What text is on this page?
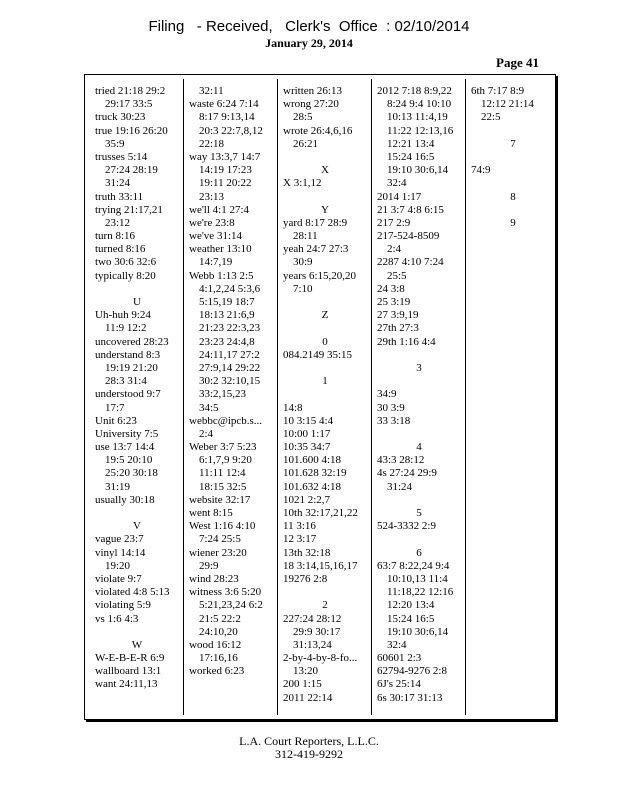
Filing   - Received,   Clerk's  Office  : 02/10/2014
January 29, 2014
Page 41
tried 21:18 29:2
29:17 33:5
truck 30:23
true 19:16 26:20
35:9
trusses 5:14
27:24 28:19
31:24
truth 33:11
trying 21:17,21
23:12
turn 8:16
turned 8:16
two 30:6 32:6
typically 8:20
U
Uh-huh 9:24
11:9 12:2
uncovered 28:23
understand 8:3
19:19 21:20
28:3 31:4
understood 9:7
17:7
Unit 6:23
University 7:5
use 13:7 14:4
19:5 20:10
25:20 30:18
31:19
usually 30:18
V
vague 23:7
vinyl 14:14
19:20
violate 9:7
violated 4:8 5:13
violating 5:9
vs 1:6 4:3
W
W-E-B-E-R 6:9
wallboard 13:1
want 24:11,13
32:11
waste 6:24 7:14
8:17 9:13,14
20:3 22:7,8,12
22:18
way 13:3,7 14:7
14:19 17:23
19:11 20:22
23:13
we'll 4:1 27:4
we're 23:8
we've 31:14
weather 13:10
14:7,19
Webb 1:13 2:5
4:1,2,24 5:3,6
5:15,19 18:7
18:13 21:6,9
21:23 22:3,23
23:23 24:4,8
24:11,17 27:2
27:9,14 29:22
30:2 32:10,15
33:2,15,23
34:5
webbc@ipcb.s...
2:4
Weber 3:7 5:23
6:1,7,9 9:20
11:11 12:4
18:15 32:5
website 32:17
went 8:15
West 1:16 4:10
7:24 25:5
wiener 23:20
29:9
wind 28:23
witness 3:6 5:20
5:21,23,24 6:2
21:5 22:2
24:10,20
wood 16:12
17:16,16
worked 6:23
written 26:13
wrong 27:20
28:5
wrote 26:4,6,16
26:21
X
X 3:1,12
Y
yard 8:17 28:9
28:11
yeah 24:7 27:3
30:9
years 6:15,20,20
7:10
Z
0
084.2149 35:15
1
14:8
10 3:15 4:4
10:00 1:17
10:35 34:7
101.600 4:18
101.628 32:19
101.632 4:18
1021 2:2,7
10th 32:17,21,22
11 3:16
12 3:17
13th 32:18
18 3:14,15,16,17
19276 2:8
2
227:24 28:12
29:9 30:17
31:13,24
2-by-4-by-8-fo...
13:20
200 1:15
2011 22:14
2012 7:18 8:9,22
8:24 9:4 10:10
10:13 11:4,19
11:22 12:13,16
12:21 13:4
15:24 16:5
19:10 30:6,14
32:4
2014 1:17
21 3:7 4:8 6:15
217 2:9
217-524-8509
2:4
2287 4:10 7:24
25:5
24 3:8
25 3:19
27 3:9,19
27th 27:3
29th 1:16 4:4
3
34:9
30 3:9
33 3:18
4
43:3 28:12
4s 27:24 29:9
31:24
5
524-3332 2:9
6
63:7 8:22,24 9:4
10:10,13 11:4
11:18,22 12:16
12:20 13:4
15:24 16:5
19:10 30:6,14
32:4
60601 2:3
62794-9276 2:8
6J's 25:14
6s 30:17 31:13
6th 7:17 8:9
12:12 21:14
22:5
7
74:9
8
9
L.A. Court Reporters, L.L.C.
312-419-9292
